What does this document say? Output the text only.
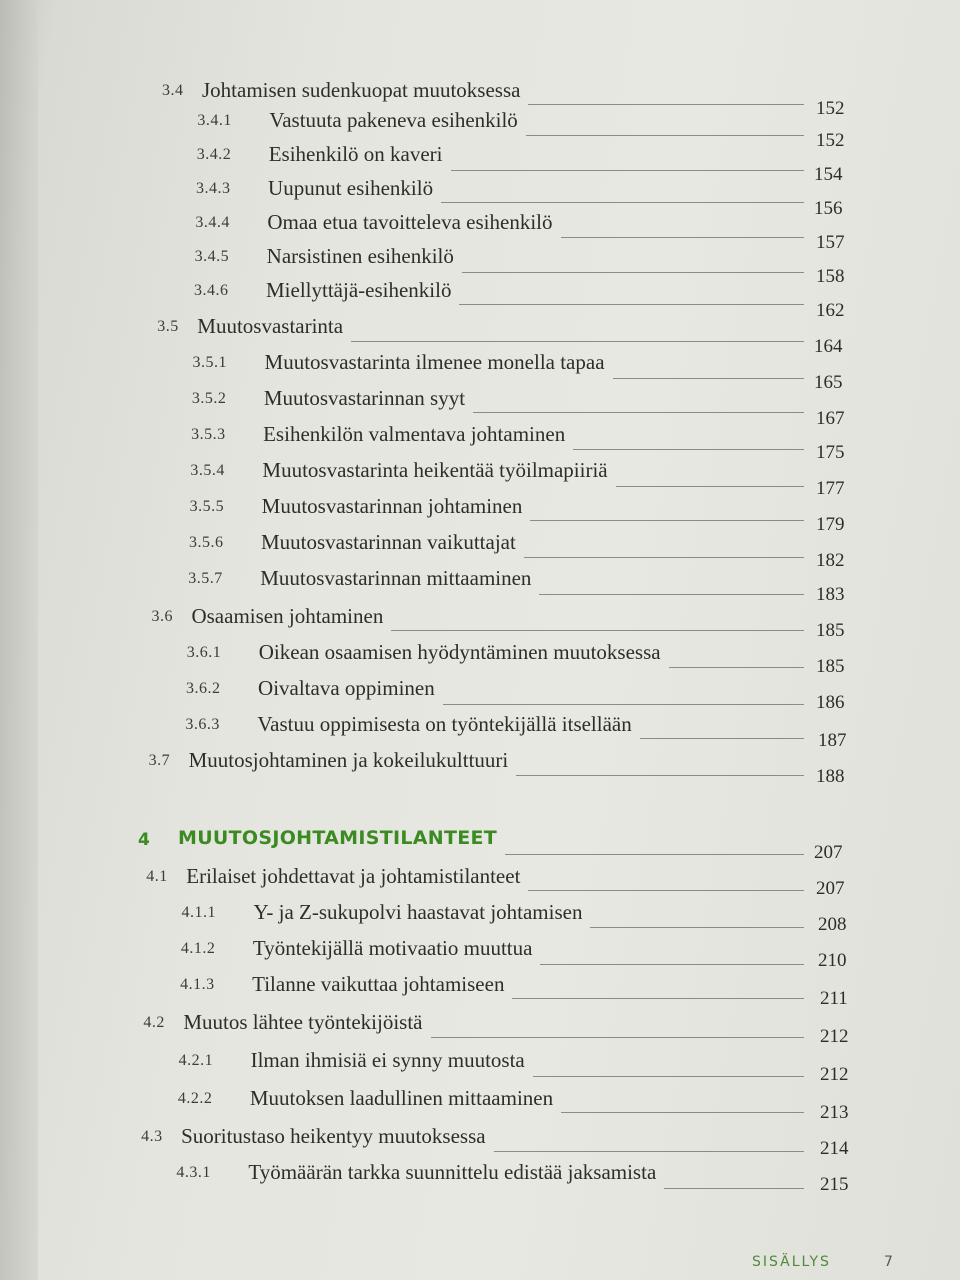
3.4 Johtamisen sudenkuopat muutoksessa
152
3.4.1 Vastuuta pakeneva esihenkilö
152
3.4.2 Esihenkilö on kaveri
154
3.4.3 Uupunut esihenkilö
156
3.4.4 Omaa etua tavoitteleva esihenkilö
157
3.4.5 Narsistinen esihenkilö
158
3.4.6 Miellyttäjä-esihenkilö
162
3.5 Muutosvastarinta
164
3.5.1 Muutosvastarinta ilmenee monella tapaa
165
3.5.2 Muutosvastarinnan syyt
167
3.5.3 Esihenkilön valmentava johtaminen
175
3.5.4 Muutosvastarinta heikentää työilmapiiriä
177
3.5.5 Muutosvastarinnan johtaminen
179
3.5.6 Muutosvastarinnan vaikuttajat
182
3.5.7 Muutosvastarinnan mittaaminen
183
3.6 Osaamisen johtaminen
185
3.6.1 Oikean osaamisen hyödyntäminen muutoksessa
185
3.6.2 Oivaltava oppiminen
186
3.6.3 Vastuu oppimisesta on työntekijällä itsellään
187
3.7 Muutosjohtaminen ja kokeilukulttuuri
188
4 MUUTOSJOHTAMISTILANTEET
207
4.1 Erilaiset johdettavat ja johtamistilanteet
207
4.1.1 Y- ja Z-sukupolvi haastavat johtamisen
208
4.1.2 Työntekijällä motivaatio muuttua
210
4.1.3 Tilanne vaikuttaa johtamiseen
211
4.2 Muutos lähtee työntekijöistä
212
4.2.1 Ilman ihmisiä ei synny muutosta
212
4.2.2 Muutoksen laadullinen mittaaminen
213
4.3 Suoritustaso heikentyy muutoksessa
214
4.3.1 Työmäärän tarkka suunnittelu edistää jaksamista
215
SISÄLLYS	7
